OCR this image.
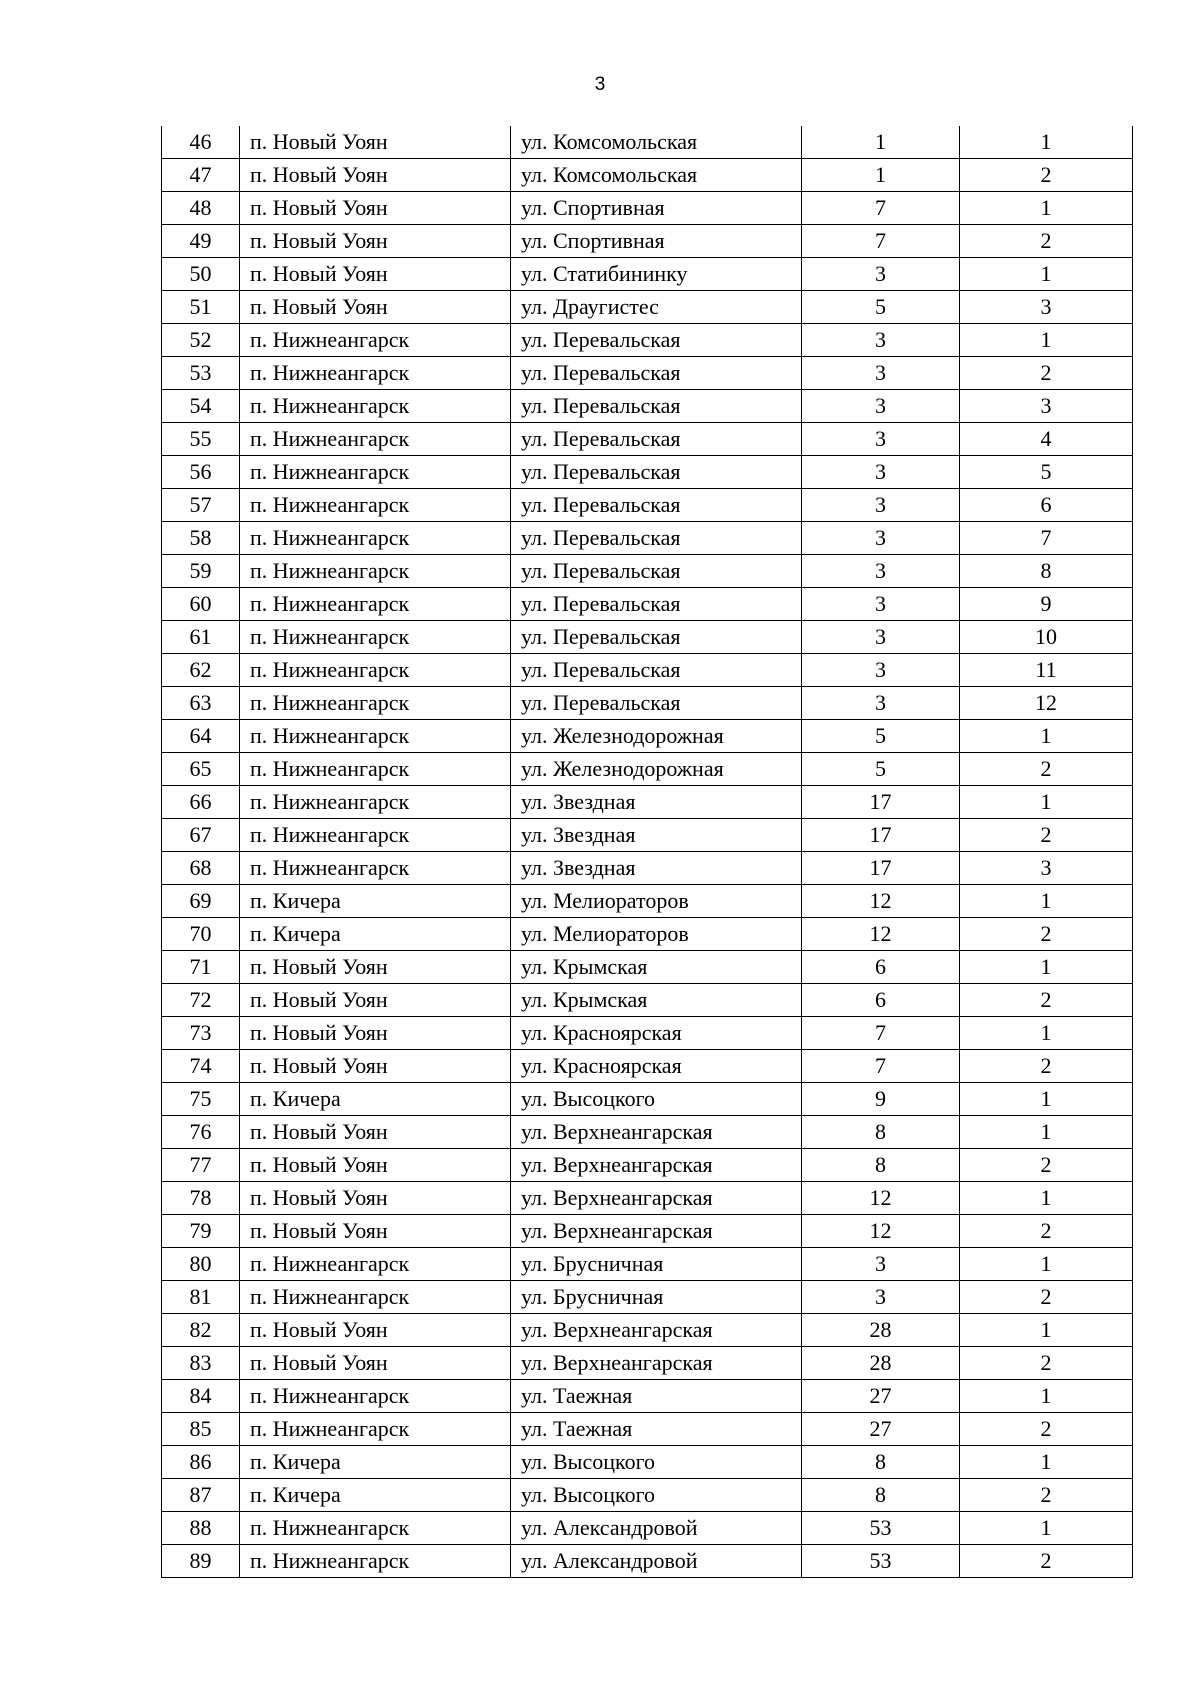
3
46	п. Новый Уоян	ул. Комсомольская	1	1
47	п. Новый Уоян	ул. Комсомольская	1	2
48	п. Новый Уоян	ул. Спортивная	7	1
49	п. Новый Уоян	ул. Спортивная	7	2
50	п. Новый Уоян	ул. Статибининку	3	1
51	п. Новый Уоян	ул. Драугистес	5	3
52	п. Нижнеангарск	ул. Перевальская	3	1
53	п. Нижнеангарск	ул. Перевальская	3	2
54	п. Нижнеангарск	ул. Перевальская	3	3
55	п. Нижнеангарск	ул. Перевальская	3	4
56	п. Нижнеангарск	ул. Перевальская	3	5
57	п. Нижнеангарск	ул. Перевальская	3	6
58	п. Нижнеангарск	ул. Перевальская	3	7
59	п. Нижнеангарск	ул. Перевальская	3	8
60	п. Нижнеангарск	ул. Перевальская	3	9
61	п. Нижнеангарск	ул. Перевальская	3	10
62	п. Нижнеангарск	ул. Перевальская	3	11
63	п. Нижнеангарск	ул. Перевальская	3	12
64	п. Нижнеангарск	ул. Железнодорожная	5	1
65	п. Нижнеангарск	ул. Железнодорожная	5	2
66	п. Нижнеангарск	ул. Звездная	17	1
67	п. Нижнеангарск	ул. Звездная	17	2
68	п. Нижнеангарск	ул. Звездная	17	3
69	п. Кичера	ул. Мелиораторов	12	1
70	п. Кичера	ул. Мелиораторов	12	2
71	п. Новый Уоян	ул. Крымская	6	1
72	п. Новый Уоян	ул. Крымская	6	2
73	п. Новый Уоян	ул. Красноярская	7	1
74	п. Новый Уоян	ул. Красноярская	7	2
75	п. Кичера	ул. Высоцкого	9	1
76	п. Новый Уоян	ул. Верхнеангарская	8	1
77	п. Новый Уоян	ул. Верхнеангарская	8	2
78	п. Новый Уоян	ул. Верхнеангарская	12	1
79	п. Новый Уоян	ул. Верхнеангарская	12	2
80	п. Нижнеангарск	ул. Брусничная	3	1
81	п. Нижнеангарск	ул. Брусничная	3	2
82	п. Новый Уоян	ул. Верхнеангарская	28	1
83	п. Новый Уоян	ул. Верхнеангарская	28	2
84	п. Нижнеангарск	ул. Таежная	27	1
85	п. Нижнеангарск	ул. Таежная	27	2
86	п. Кичера	ул. Высоцкого	8	1
87	п. Кичера	ул. Высоцкого	8	2
88	п. Нижнеангарск	ул. Александровой	53	1
89	п. Нижнеангарск	ул. Александровой	53	2
